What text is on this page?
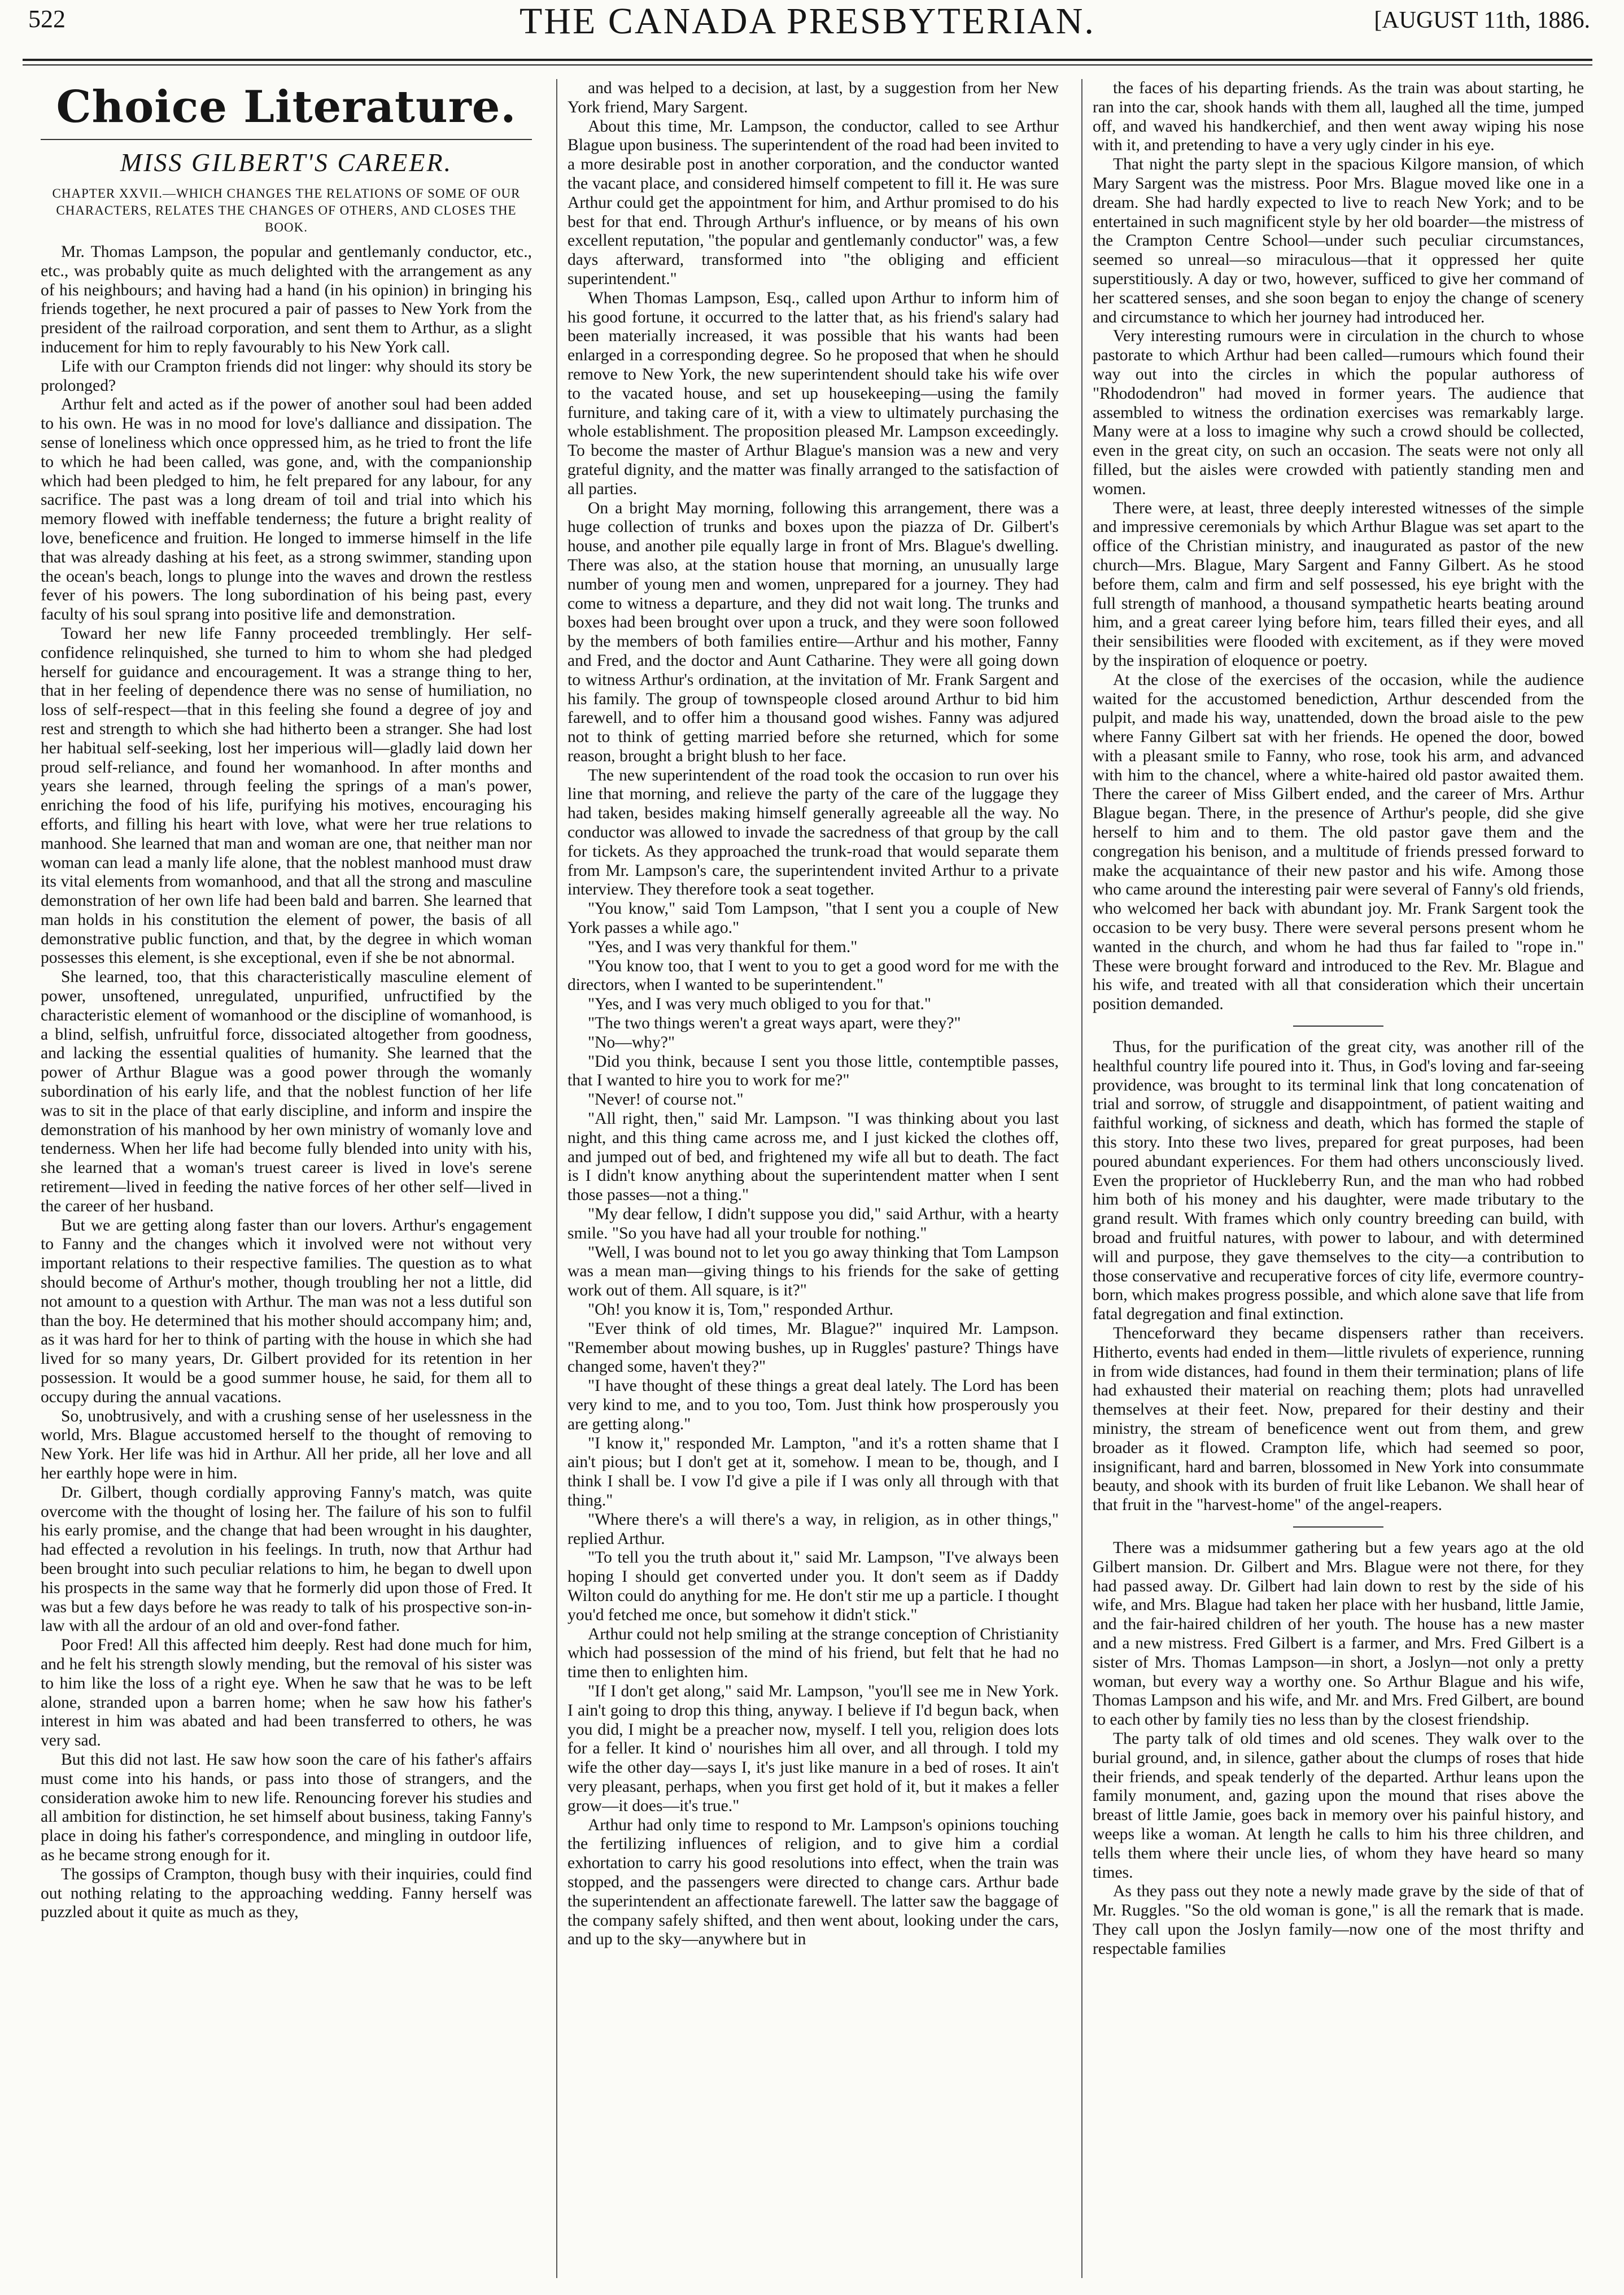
522	THE CANADA PRESBYTERIAN.	[AUGUST 11th, 1886.
Choice Literature.
MISS GILBERT'S CAREER.
CHAPTER XXVII.—WHICH CHANGES THE RELATIONS OF SOME OF OUR CHARACTERS, RELATES THE CHANGES OF OTHERS, AND CLOSES THE BOOK.

Mr. Thomas Lampson, the popular and gentlemanly conductor, etc., etc., was probably quite as much delighted with the arrangement as any of his neighbours; and having had a hand (in his opinion) in bringing his friends together, he next procured a pair of passes to New York from the president of the railroad corporation, and sent them to Arthur, as a slight inducement for him to reply favourably to his New York call.

Life with our Crampton friends did not linger: why should its story be prolonged?

Arthur felt and acted as if the power of another soul had been added to his own. He was in no mood for love's dalliance and dissipation. The sense of loneliness which once oppressed him, as he tried to front the life to which he had been called, was gone, and, with the companionship which had been pledged to him, he felt prepared for any labour, for any sacrifice. The past was a long dream of toil and trial into which his memory flowed with ineffable tenderness; the future a bright reality of love, beneficence and fruition. He longed to immerse himself in the life that was already dashing at his feet, as a strong swimmer, standing upon the ocean's beach, longs to plunge into the waves and drown the restless fever of his powers. The long subordination of his being past, every faculty of his soul sprang into positive life and demonstration.

Toward her new life Fanny proceeded tremblingly. Her self-confidence relinquished, she turned to him to whom she had pledged herself for guidance and encouragement. It was a strange thing to her, that in her feeling of dependence there was no sense of humiliation, no loss of self-respect—that in this feeling she found a degree of joy and rest and strength to which she had hitherto been a stranger. She had lost her habitual self-seeking, lost her imperious will—gladly laid down her proud self-reliance, and found her womanhood. In after months and years she learned, through feeling the springs of a man's power, enriching the food of his life, purifying his motives, encouraging his efforts, and filling his heart with love, what were her true relations to manhood. She learned that man and woman are one, that neither man nor woman can lead a manly life alone, that the noblest manhood must draw its vital elements from womanhood, and that all the strong and masculine demonstration of her own life had been bald and barren. She learned that man holds in his constitution the element of power, the basis of all demonstrative public function, and that, by the degree in which woman possesses this element, is she exceptional, even if she be not abnormal.

She learned, too, that this characteristically masculine element of power, unsoftened, unregulated, unpurified, unfructified by the characteristic element of womanhood or the discipline of womanhood, is a blind, selfish, unfruitful force, dissociated altogether from goodness, and lacking the essential qualities of humanity. She learned that the power of Arthur Blague was a good power through the womanly subordination of his early life, and that the noblest function of her life was to sit in the place of that early discipline, and inform and inspire the demonstration of his manhood by her own ministry of womanly love and tenderness. When her life had become fully blended into unity with his, she learned that a woman's truest career is lived in love's serene retirement—lived in feeding the native forces of her other self—lived in the career of her husband.

But we are getting along faster than our lovers. Arthur's engagement to Fanny and the changes which it involved were not without very important relations to their respective families. The question as to what should become of Arthur's mother, though troubling her not a little, did not amount to a question with Arthur. The man was not a less dutiful son than the boy. He determined that his mother should accompany him; and, as it was hard for her to think of parting with the house in which she had lived for so many years, Dr. Gilbert provided for its retention in her possession. It would be a good summer house, he said, for them all to occupy during the annual vacations.

So, unobtrusively, and with a crushing sense of her uselessness in the world, Mrs. Blague accustomed herself to the thought of removing to New York. Her life was hid in Arthur. All her pride, all her love and all her earthly hope were in him.

Dr. Gilbert, though cordially approving Fanny's match, was quite overcome with the thought of losing her. The failure of his son to fulfil his early promise, and the change that had been wrought in his daughter, had effected a revolution in his feelings. In truth, now that Arthur had been brought into such peculiar relations to him, he began to dwell upon his prospects in the same way that he formerly did upon those of Fred. It was but a few days before he was ready to talk of his prospective son-in-law with all the ardour of an old and over-fond father.

Poor Fred! All this affected him deeply. Rest had done much for him, and he felt his strength slowly mending, but the removal of his sister was to him like the loss of a right eye. When he saw that he was to be left alone, stranded upon a barren home; when he saw how his father's interest in him was abated and had been transferred to others, he was very sad.

But this did not last. He saw how soon the care of his father's affairs must come into his hands, or pass into those of strangers, and the consideration awoke him to new life. Renouncing forever his studies and all ambition for distinction, he set himself about business, taking Fanny's place in doing his father's correspondence, and mingling in outdoor life, as he became strong enough for it.

The gossips of Crampton, though busy with their inquiries, could find out nothing relating to the approaching wedding. Fanny herself was puzzled about it quite as much as they,

and was helped to a decision, at last, by a suggestion from her New York friend, Mary Sargent.

About this time, Mr. Lampson, the conductor, called to see Arthur Blague upon business. The superintendent of the road had been invited to a more desirable post in another corporation, and the conductor wanted the vacant place, and considered himself competent to fill it. He was sure Arthur could get the appointment for him, and Arthur promised to do his best for that end. Through Arthur's influence, or by means of his own excellent reputation, "the popular and gentlemanly conductor" was, a few days afterward, transformed into "the obliging and efficient superintendent."

When Thomas Lampson, Esq., called upon Arthur to inform him of his good fortune, it occurred to the latter that, as his friend's salary had been materially increased, it was possible that his wants had been enlarged in a corresponding degree. So he proposed that when he should remove to New York, the new superintendent should take his wife over to the vacated house, and set up housekeeping—using the family furniture, and taking care of it, with a view to ultimately purchasing the whole establishment. The proposition pleased Mr. Lampson exceedingly. To become the master of Arthur Blague's mansion was a new and very grateful dignity, and the matter was finally arranged to the satisfaction of all parties.

On a bright May morning, following this arrangement, there was a huge collection of trunks and boxes upon the piazza of Dr. Gilbert's house, and another pile equally large in front of Mrs. Blague's dwelling. There was also, at the station house that morning, an unusually large number of young men and women, unprepared for a journey. They had come to witness a departure, and they did not wait long. The trunks and boxes had been brought over upon a truck, and they were soon followed by the members of both families entire—Arthur and his mother, Fanny and Fred, and the doctor and Aunt Catharine. They were all going down to witness Arthur's ordination, at the invitation of Mr. Frank Sargent and his family. The group of townspeople closed around Arthur to bid him farewell, and to offer him a thousand good wishes. Fanny was adjured not to think of getting married before she returned, which for some reason, brought a bright blush to her face.

The new superintendent of the road took the occasion to run over his line that morning, and relieve the party of the care of the luggage they had taken, besides making himself generally agreeable all the way. No conductor was allowed to invade the sacredness of that group by the call for tickets. As they approached the trunk-road that would separate them from Mr. Lampson's care, the superintendent invited Arthur to a private interview. They therefore took a seat together.

"You know," said Tom Lampson, "that I sent you a couple of New York passes a while ago."

"Yes, and I was very thankful for them."

"You know too, that I went to you to get a good word for me with the directors, when I wanted to be superintendent."

"Yes, and I was very much obliged to you for that."

"The two things weren't a great ways apart, were they?"

"No—why?"

"Did you think, because I sent you those little, contemptible passes, that I wanted to hire you to work for me?"

"Never! of course not."

"All right, then," said Mr. Lampson. "I was thinking about you last night, and this thing came across me, and I just kicked the clothes off, and jumped out of bed, and frightened my wife all but to death. The fact is I didn't know anything about the superintendent matter when I sent those passes—not a thing."

"My dear fellow, I didn't suppose you did," said Arthur, with a hearty smile. "So you have had all your trouble for nothing."

"Well, I was bound not to let you go away thinking that Tom Lampson was a mean man—giving things to his friends for the sake of getting work out of them. All square, is it?"

"Oh! you know it is, Tom," responded Arthur.

"Ever think of old times, Mr. Blague?" inquired Mr. Lampson. "Remember about mowing bushes, up in Ruggles' pasture? Things have changed some, haven't they?"

"I have thought of these things a great deal lately. The Lord has been very kind to me, and to you too, Tom. Just think how prosperously you are getting along."

"I know it," responded Mr. Lampton, "and it's a rotten shame that I ain't pious; but I don't get at it, somehow. I mean to be, though, and I think I shall be. I vow I'd give a pile if I was only all through with that thing."

"Where there's a will there's a way, in religion, as in other things," replied Arthur.

"To tell you the truth about it," said Mr. Lampson, "I've always been hoping I should get converted under you. It don't seem as if Daddy Wilton could do anything for me. He don't stir me up a particle. I thought you'd fetched me once, but somehow it didn't stick."

Arthur could not help smiling at the strange conception of Christianity which had possession of the mind of his friend, but felt that he had no time then to enlighten him.

"If I don't get along," said Mr. Lampson, "you'll see me in New York. I ain't going to drop this thing, anyway. I believe if I'd begun back, when you did, I might be a preacher now, myself. I tell you, religion does lots for a feller. It kind o' nourishes him all over, and all through. I told my wife the other day—says I, it's just like manure in a bed of roses. It ain't very pleasant, perhaps, when you first get hold of it, but it makes a feller grow—it does—it's true."

Arthur had only time to respond to Mr. Lampson's opinions touching the fertilizing influences of religion, and to give him a cordial exhortation to carry his good resolutions into effect, when the train was stopped, and the passengers were directed to change cars. Arthur bade the superintendent an affectionate farewell. The latter saw the baggage of the company safely shifted, and then went about, looking under the cars, and up to the sky—anywhere but in

the faces of his departing friends. As the train was about starting, he ran into the car, shook hands with them all, laughed all the time, jumped off, and waved his handkerchief, and then went away wiping his nose with it, and pretending to have a very ugly cinder in his eye.

That night the party slept in the spacious Kilgore mansion, of which Mary Sargent was the mistress. Poor Mrs. Blague moved like one in a dream. She had hardly expected to live to reach New York; and to be entertained in such magnificent style by her old boarder—the mistress of the Crampton Centre School—under such peculiar circumstances, seemed so unreal—so miraculous—that it oppressed her quite superstitiously. A day or two, however, sufficed to give her command of her scattered senses, and she soon began to enjoy the change of scenery and circumstance to which her journey had introduced her.

Very interesting rumours were in circulation in the church to whose pastorate to which Arthur had been called—rumours which found their way out into the circles in which the popular authoress of "Rhododendron" had moved in former years. The audience that assembled to witness the ordination exercises was remarkably large. Many were at a loss to imagine why such a crowd should be collected, even in the great city, on such an occasion. The seats were not only all filled, but the aisles were crowded with patiently standing men and women.

There were, at least, three deeply interested witnesses of the simple and impressive ceremonials by which Arthur Blague was set apart to the office of the Christian ministry, and inaugurated as pastor of the new church—Mrs. Blague, Mary Sargent and Fanny Gilbert. As he stood before them, calm and firm and self possessed, his eye bright with the full strength of manhood, a thousand sympathetic hearts beating around him, and a great career lying before him, tears filled their eyes, and all their sensibilities were flooded with excitement, as if they were moved by the inspiration of eloquence or poetry.

At the close of the exercises of the occasion, while the audience waited for the accustomed benediction, Arthur descended from the pulpit, and made his way, unattended, down the broad aisle to the pew where Fanny Gilbert sat with her friends. He opened the door, bowed with a pleasant smile to Fanny, who rose, took his arm, and advanced with him to the chancel, where a white-haired old pastor awaited them. There the career of Miss Gilbert ended, and the career of Mrs. Arthur Blague began. There, in the presence of Arthur's people, did she give herself to him and to them. The old pastor gave them and the congregation his benison, and a multitude of friends pressed forward to make the acquaintance of their new pastor and his wife. Among those who came around the interesting pair were several of Fanny's old friends, who welcomed her back with abundant joy. Mr. Frank Sargent took the occasion to be very busy. There were several persons present whom he wanted in the church, and whom he had thus far failed to "rope in." These were brought forward and introduced to the Rev. Mr. Blague and his wife, and treated with all that consideration which their uncertain position demanded.

Thus, for the purification of the great city, was another rill of the healthful country life poured into it. Thus, in God's loving and far-seeing providence, was brought to its terminal link that long concatenation of trial and sorrow, of struggle and disappointment, of patient waiting and faithful working, of sickness and death, which has formed the staple of this story. Into these two lives, prepared for great purposes, had been poured abundant experiences. For them had others unconsciously lived. Even the proprietor of Huckleberry Run, and the man who had robbed him both of his money and his daughter, were made tributary to the grand result. With frames which only country breeding can build, with broad and fruitful natures, with power to labour, and with determined will and purpose, they gave themselves to the city—a contribution to those conservative and recuperative forces of city life, evermore country-born, which makes progress possible, and which alone save that life from fatal degregation and final extinction.

Thenceforward they became dispensers rather than receivers. Hitherto, events had ended in them—little rivulets of experience, running in from wide distances, had found in them their termination; plans of life had exhausted their material on reaching them; plots had unravelled themselves at their feet. Now, prepared for their destiny and their ministry, the stream of beneficence went out from them, and grew broader as it flowed. Crampton life, which had seemed so poor, insignificant, hard and barren, blossomed in New York into consummate beauty, and shook with its burden of fruit like Lebanon. We shall hear of that fruit in the "harvest-home" of the angel-reapers.

There was a midsummer gathering but a few years ago at the old Gilbert mansion. Dr. Gilbert and Mrs. Blague were not there, for they had passed away. Dr. Gilbert had lain down to rest by the side of his wife, and Mrs. Blague had taken her place with her husband, little Jamie, and the fair-haired children of her youth. The house has a new master and a new mistress. Fred Gilbert is a farmer, and Mrs. Fred Gilbert is a sister of Mrs. Thomas Lampson—in short, a Joslyn—not only a pretty woman, but every way a worthy one. So Arthur Blague and his wife, Thomas Lampson and his wife, and Mr. and Mrs. Fred Gilbert, are bound to each other by family ties no less than by the closest friendship.

The party talk of old times and old scenes. They walk over to the burial ground, and, in silence, gather about the clumps of roses that hide their friends, and speak tenderly of the departed. Arthur leans upon the family monument, and, gazing upon the mound that rises above the breast of little Jamie, goes back in memory over his painful history, and weeps like a woman. At length he calls to him his three children, and tells them where their uncle lies, of whom they have heard so many times.

As they pass out they note a newly made grave by the side of that of Mr. Ruggles. "So the old woman is gone," is all the remark that is made. They call upon the Joslyn family—now one of the most thrifty and respectable families
